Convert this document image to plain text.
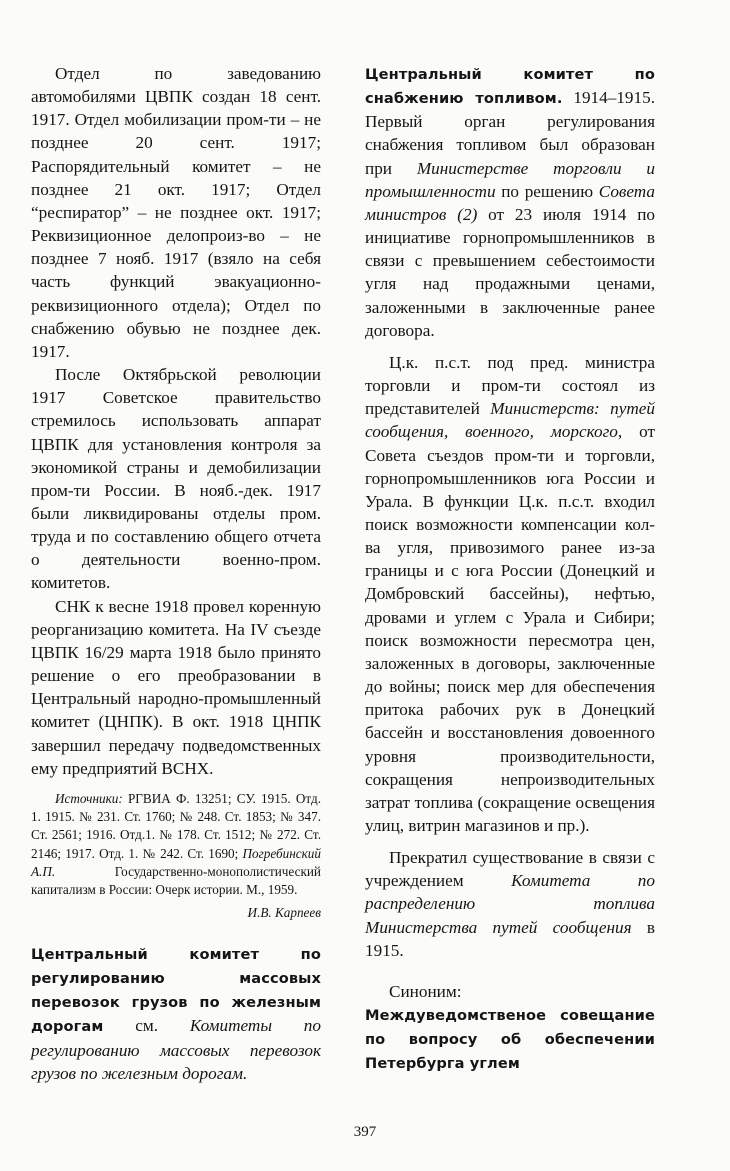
Отдел по заведованию автомобилями ЦВПК создан 18 сент. 1917. Отдел мобилизации пром-ти – не позднее 20 сент. 1917; Распорядительный комитет – не позднее 21 окт. 1917; Отдел “респиратор” – не позднее окт. 1917; Реквизиционное делопроиз-во – не позднее 7 нояб. 1917 (взяло на себя часть функций эвакуационно-реквизиционного отдела); Отдел по снабжению обувью не позднее дек. 1917.

После Октябрьской революции 1917 Советское правительство стремилось использовать аппарат ЦВПК для установления контроля за экономикой страны и демобилизации пром-ти России. В нояб.-дек. 1917 были ликвидированы отделы пром. труда и по составлению общего отчета о деятельности военно-пром. комитетов.

СНК к весне 1918 провел коренную реорганизацию комитета. На IV съезде ЦВПК 16/29 марта 1918 было принято решение о его преобразовании в Центральный народно-промышленный комитет (ЦНПК). В окт. 1918 ЦНПК завершил передачу подведомственных ему предприятий ВСНХ.

Источники: РГВИА Ф. 13251; СУ. 1915. Отд. 1. 1915. № 231. Ст. 1760; № 248. Ст. 1853; № 347. Ст. 2561; 1916. Отд.1. № 178. Ст. 1512; № 272. Ст. 2146; 1917. Отд. 1. № 242. Ст. 1690; Погребинский А.П. Государственно-монополистический капитализм в России: Очерк истории. М., 1959.
И.В. Карпеев

Центральный комитет по регулированию массовых перевозок грузов по железным дорогам см. Комитеты по регулированию массовых перевозок грузов по железным дорогам.

Центральный комитет по снабжению топливом. 1914–1915. Первый орган регулирования снабжения топливом был образован при Министерстве торговли и промышленности по решению Совета министров (2) от 23 июля 1914 по инициативе горнопромышленников в связи с превышением себестоимости угля над продажными ценами, заложенными в заключенные ранее договора.

Ц.к. п.с.т. под пред. министра торговли и пром-ти состоял из представителей Министерств: путей сообщения, военного, морского, от Совета съездов пром-ти и торговли, горнопромышленников юга России и Урала. В функции Ц.к. п.с.т. входил поиск возможности компенсации кол-ва угля, привозимого ранее из-за границы и с юга России (Донецкий и Домбровский бассейны), нефтью, дровами и углем с Урала и Сибири; поиск возможности пересмотра цен, заложенных в договоры, заключенные до войны; поиск мер для обеспечения притока рабочих рук в Донецкий бассейн и восстановления довоенного уровня производительности, сокращения непроизводительных затрат топлива (сокращение освещения улиц, витрин магазинов и пр.).

Прекратил существование в связи с учреждением Комитета по распределению топлива Министерства путей сообщения в 1915.

Синоним:

Междуведомственое совещание по вопросу об обеспечении Петербурга углем

397
